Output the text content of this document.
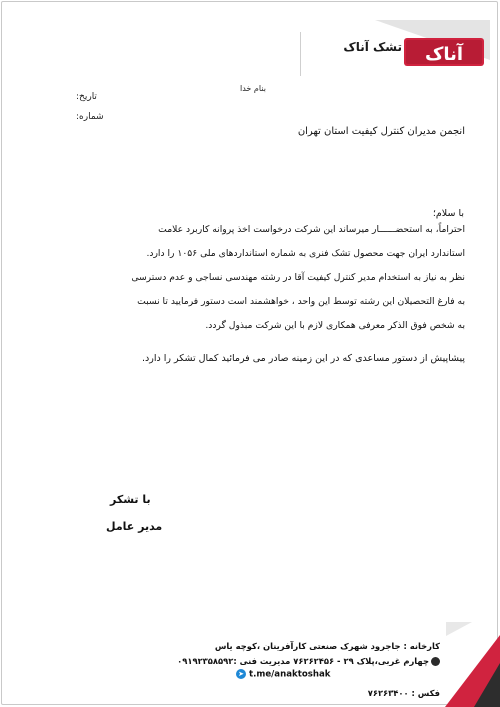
تشک آناک آناک
بنام خدا
تاریخ:
شماره:
انجمن مدیران کنترل کیفیت استان تهران
با سلام؛
احتراماً، به استحضــــــار میرساند این شرکت درخواست اخذ پروانه کاربرد علامت
استاندارد ایران جهت محصول تشک فنری به شماره استانداردهای ملی ۱۰۵۶ را دارد.
نظر به نیاز به استخدام مدیر کنترل کیفیت آقا در رشته مهندسی نساجی و عدم دسترسی
به فارغ التحصیلان این رشته توسط این واحد ، خواهشمند است دستور فرمایید تا نسبت
به شخص فوق الذکر معرفی همکاری لازم با این شرکت مبذول گردد.
پیشاپیش از دستور مساعدی که در این زمینه صادر می فرمائید کمال تشکر را دارد.
با تشکر
مدیر عامل
کارخانه : جاجرود شهرک صنعتی کارآفرینان ،کوچه یاس
چهارم غربی،پلاک ۲۹ - ۷۶۲۶۲۴۵۶ مدیریت فنی :۰۹۱۹۲۳۵۸۵۹۲
فکس : ۷۶۲۶۳۴۰۰
➤ t.me/anaktoshak
